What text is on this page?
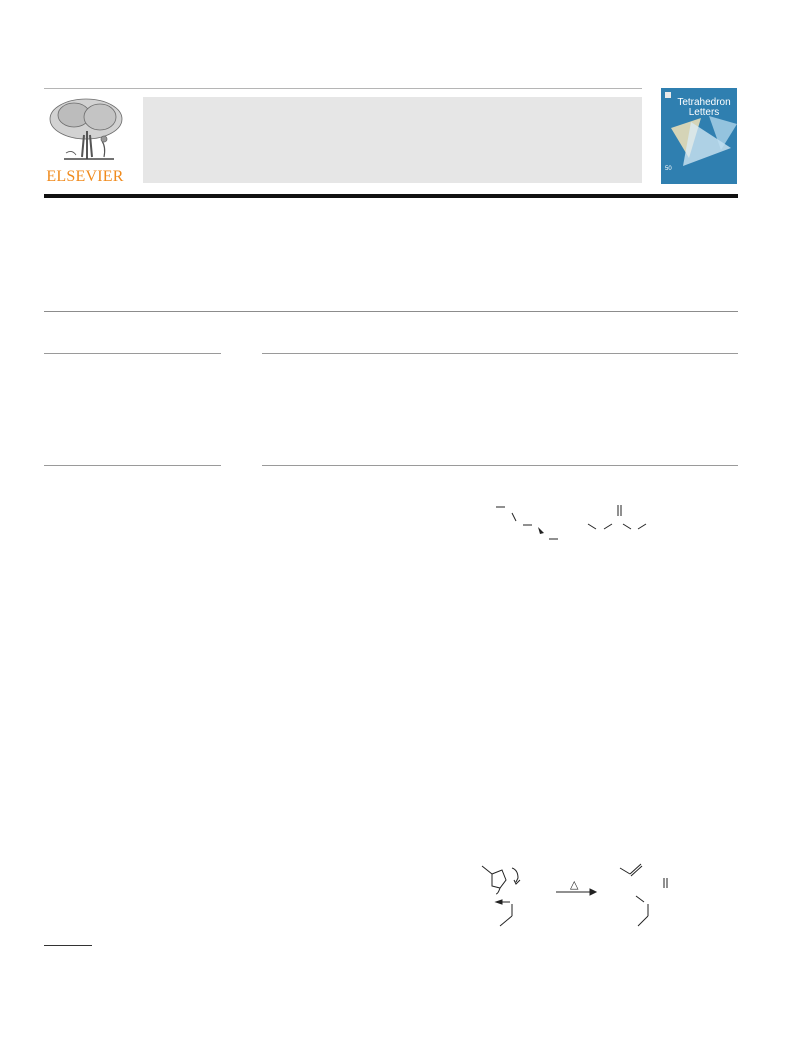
ELSEVIER
Tetrahedron
Letters
50
△
